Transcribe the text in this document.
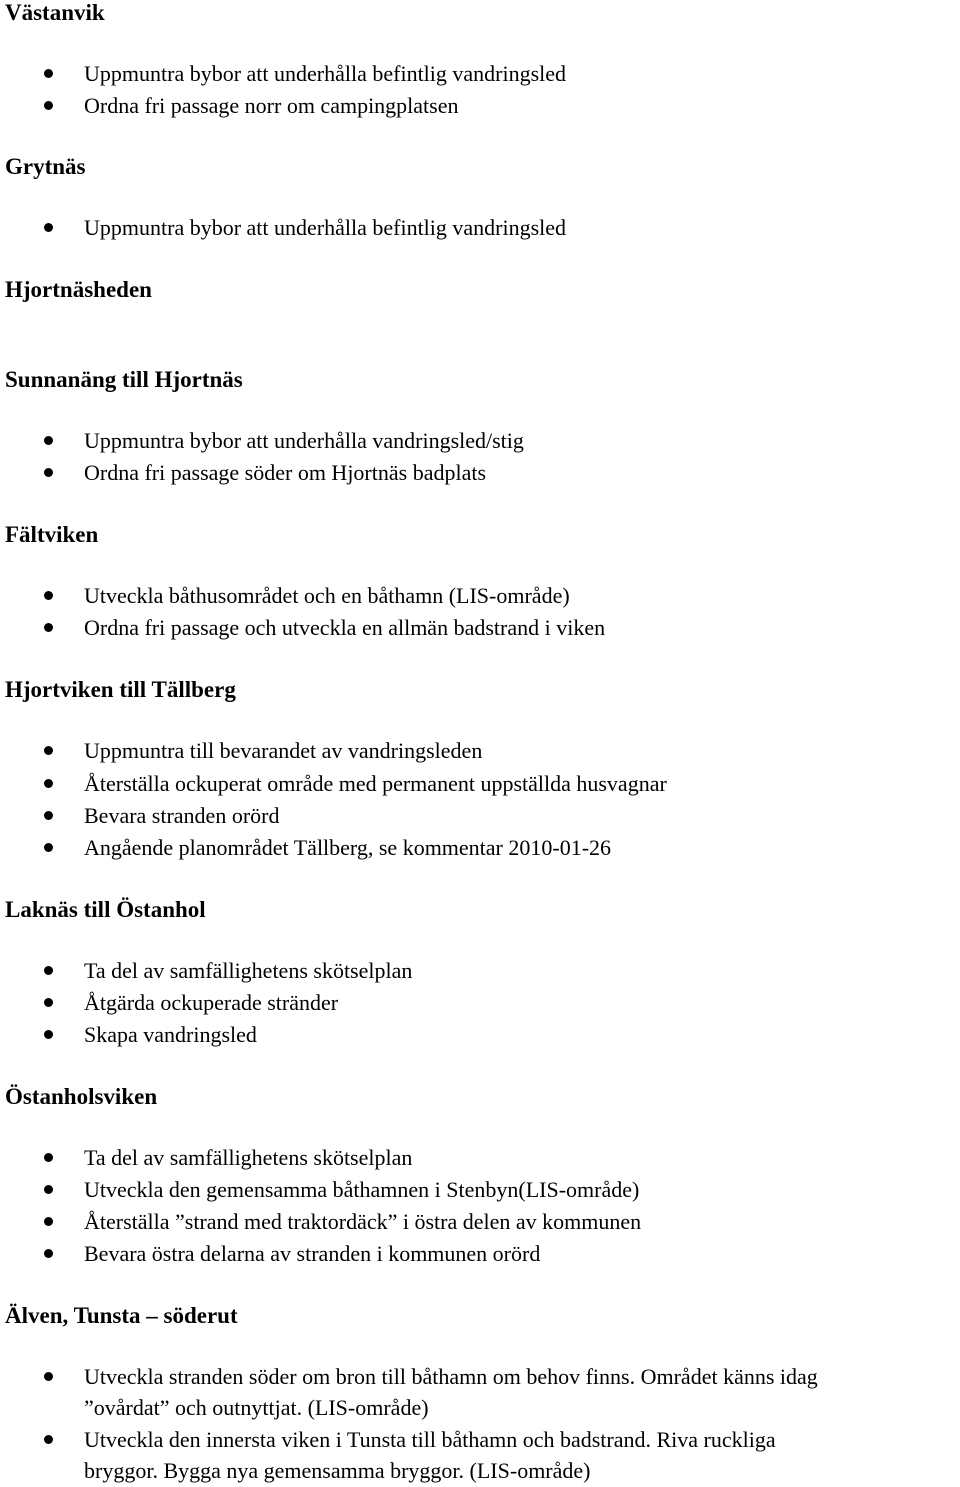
Västanvik
Uppmuntra bybor att underhålla befintlig vandringsled
Ordna fri passage norr om campingplatsen
Grytnäs
Uppmuntra bybor att underhålla befintlig vandringsled
Hjortnäsheden
Sunnanäng till Hjortnäs
Uppmuntra bybor att underhålla vandringsled/stig
Ordna fri passage söder om Hjortnäs badplats
Fältviken
Utveckla båthusområdet och en båthamn (LIS-område)
Ordna fri passage och utveckla en allmän badstrand i viken
Hjortviken till Tällberg
Uppmuntra till bevarandet av vandringsleden
Återställa ockuperat område med permanent uppställda husvagnar
Bevara stranden orörd
Angående planområdet Tällberg, se kommentar 2010-01-26
Laknäs till Östanhol
Ta del av samfällighetens skötselplan
Åtgärda ockuperade stränder
Skapa vandringsled
Östanholsviken
Ta del av samfällighetens skötselplan
Utveckla den gemensamma båthamnen i Stenbyn(LIS-område)
Återställa ”strand med traktordäck” i östra delen av kommunen
Bevara östra delarna av stranden i kommunen orörd
Älven, Tunsta – söderut
Utveckla stranden söder om bron till båthamn om behov finns. Området känns idag
”ovårdat” och outnyttjat. (LIS-område)
Utveckla den innersta viken i Tunsta till båthamn och badstrand. Riva ruckliga
bryggor. Bygga nya gemensamma bryggor. (LIS-område)
